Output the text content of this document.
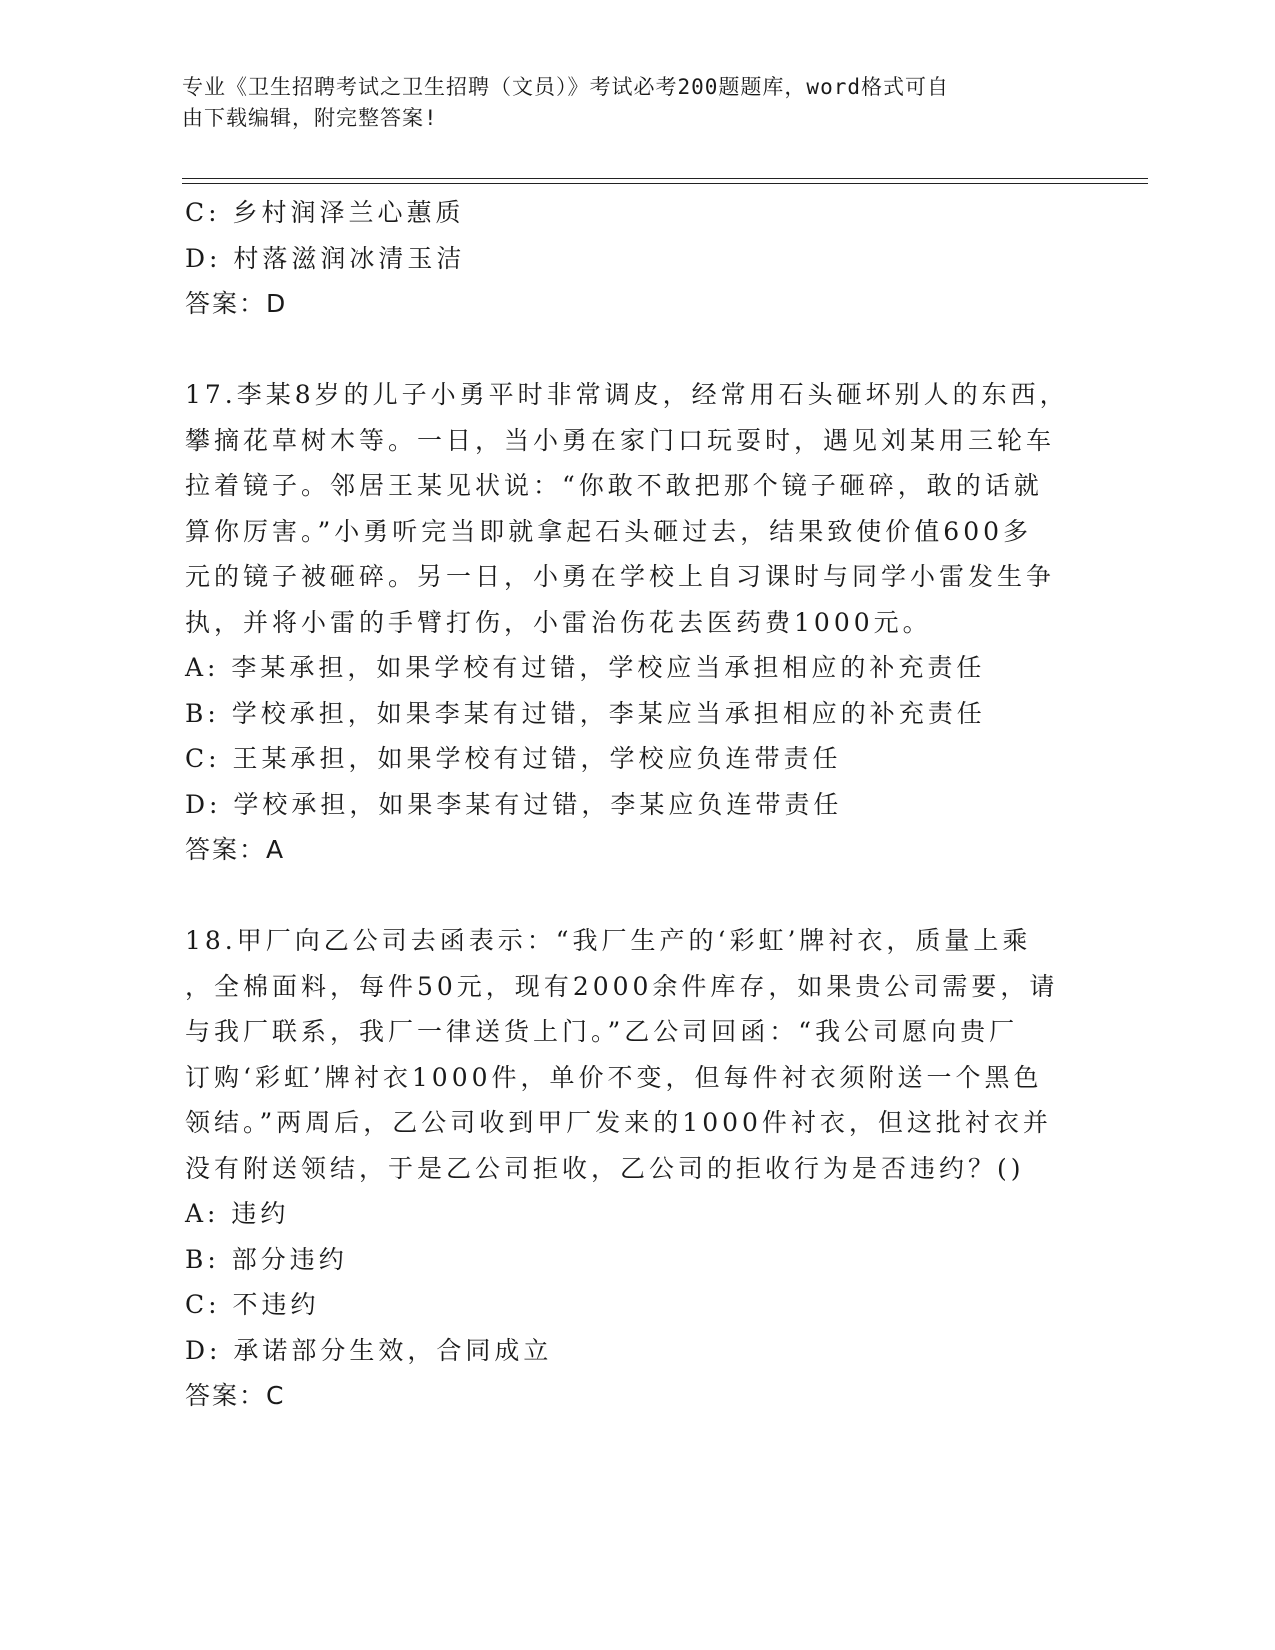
专业《卫生招聘考试之卫生招聘（文员）》考试必考200题题库，word格式可自
由下载编辑，附完整答案!
C: 乡村润泽兰心蕙质
D: 村落滋润冰清玉洁
答案：D
17.李某8岁的儿子小勇平时非常调皮，经常用石头砸坏别人的东西，
攀摘花草树木等。一日，当小勇在家门口玩耍时，遇见刘某用三轮车
拉着镜子。邻居王某见状说：“你敢不敢把那个镜子砸碎，敢的话就
算你厉害。”小勇听完当即就拿起石头砸过去，结果致使价值600多
元的镜子被砸碎。另一日，小勇在学校上自习课时与同学小雷发生争
执，并将小雷的手臂打伤，小雷治伤花去医药费1000元。
A: 李某承担，如果学校有过错，学校应当承担相应的补充责任
B: 学校承担，如果李某有过错，李某应当承担相应的补充责任
C: 王某承担，如果学校有过错，学校应负连带责任
D: 学校承担，如果李某有过错，李某应负连带责任
答案：A
18.甲厂向乙公司去函表示：“我厂生产的‘彩虹’牌衬衣，质量上乘
，全棉面料，每件50元，现有2000余件库存，如果贵公司需要，请
与我厂联系，我厂一律送货上门。”乙公司回函：“我公司愿向贵厂
订购‘彩虹’牌衬衣1000件，单价不变，但每件衬衣须附送一个黑色
领结。”两周后，乙公司收到甲厂发来的1000件衬衣，但这批衬衣并
没有附送领结，于是乙公司拒收，乙公司的拒收行为是否违约？()
A: 违约
B: 部分违约
C: 不违约
D: 承诺部分生效，合同成立
答案：C
